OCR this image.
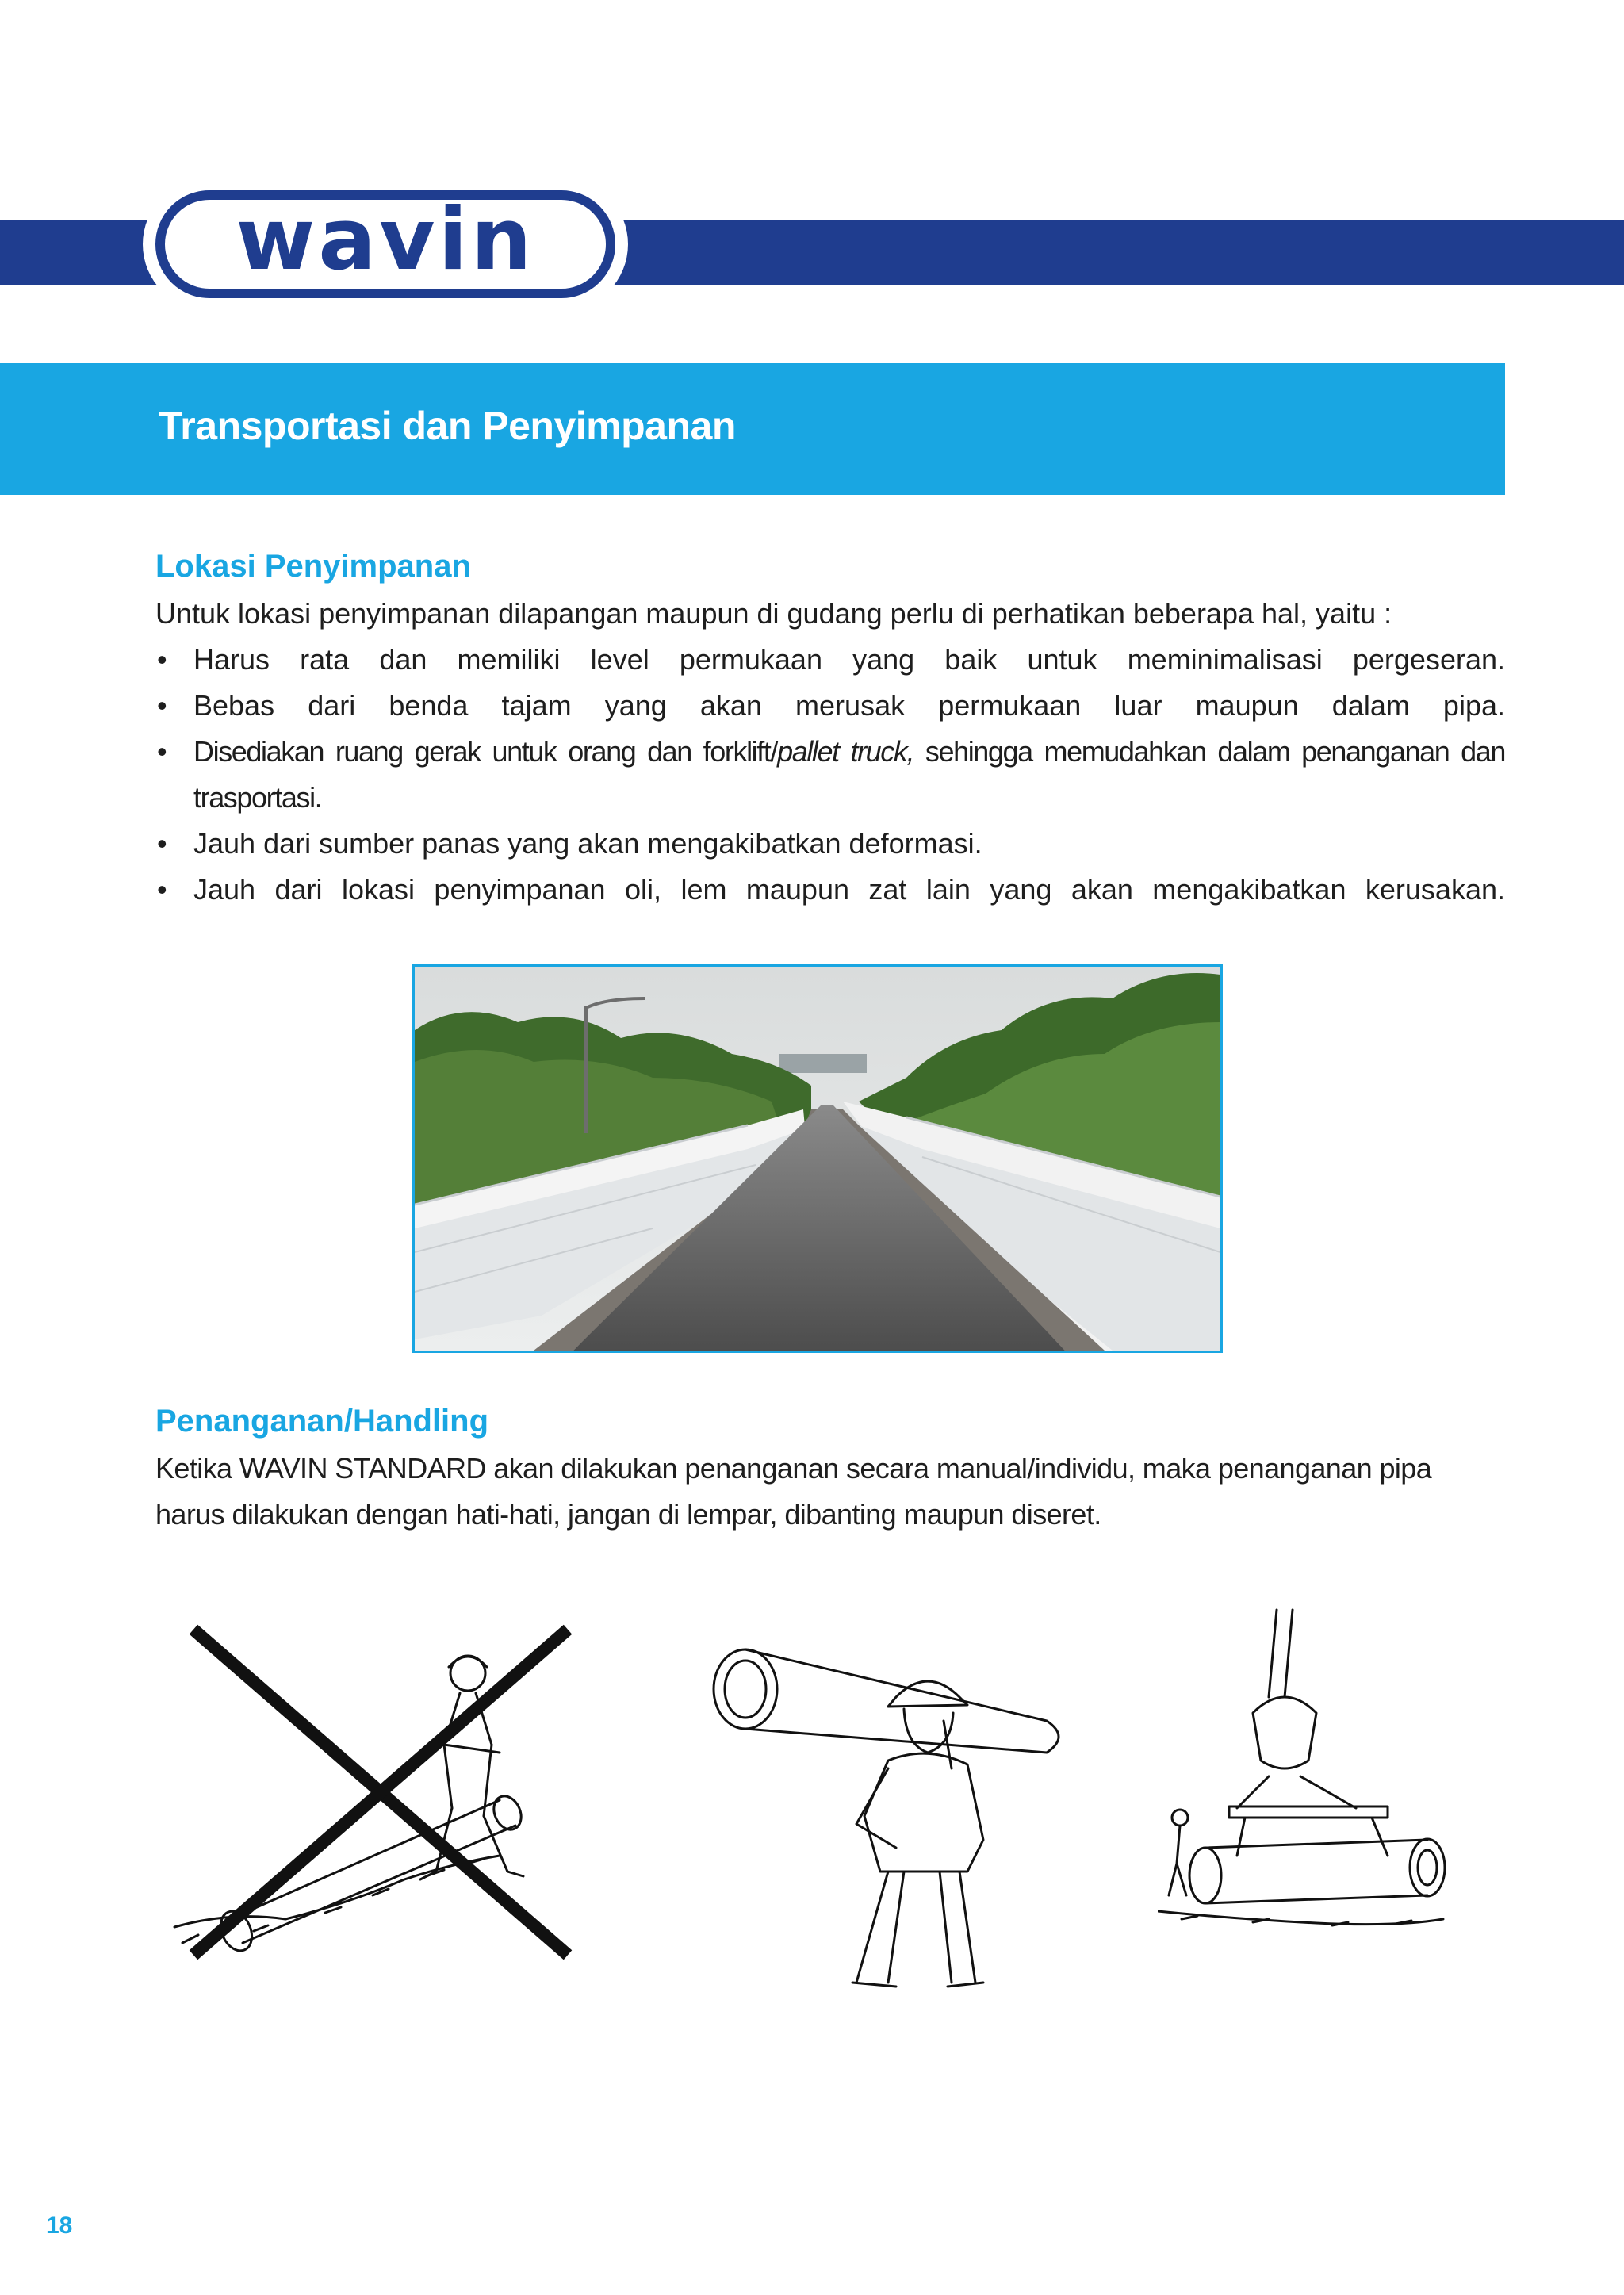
wavin
Transportasi dan Penyimpanan
Lokasi Penyimpanan

Untuk lokasi penyimpanan dilapangan maupun di gudang perlu di perhatikan beberapa hal, yaitu :

• Harus rata dan memiliki level permukaan yang baik untuk meminimalisasi pergeseran.
• Bebas dari benda tajam yang akan merusak permukaan luar maupun dalam pipa.
• Disediakan ruang gerak untuk orang dan forklift/pallet truck, sehingga memudahkan dalam penanganan dan trasportasi.
• Jauh dari sumber panas yang akan mengakibatkan deformasi.
• Jauh dari lokasi penyimpanan oli, lem maupun zat lain yang akan mengakibatkan kerusakan.
Penanganan/Handling

Ketika WAVIN STANDARD akan dilakukan penanganan secara manual/individu, maka penanganan pipa harus dilakukan dengan hati-hati, jangan di lempar, dibanting maupun diseret.

18
